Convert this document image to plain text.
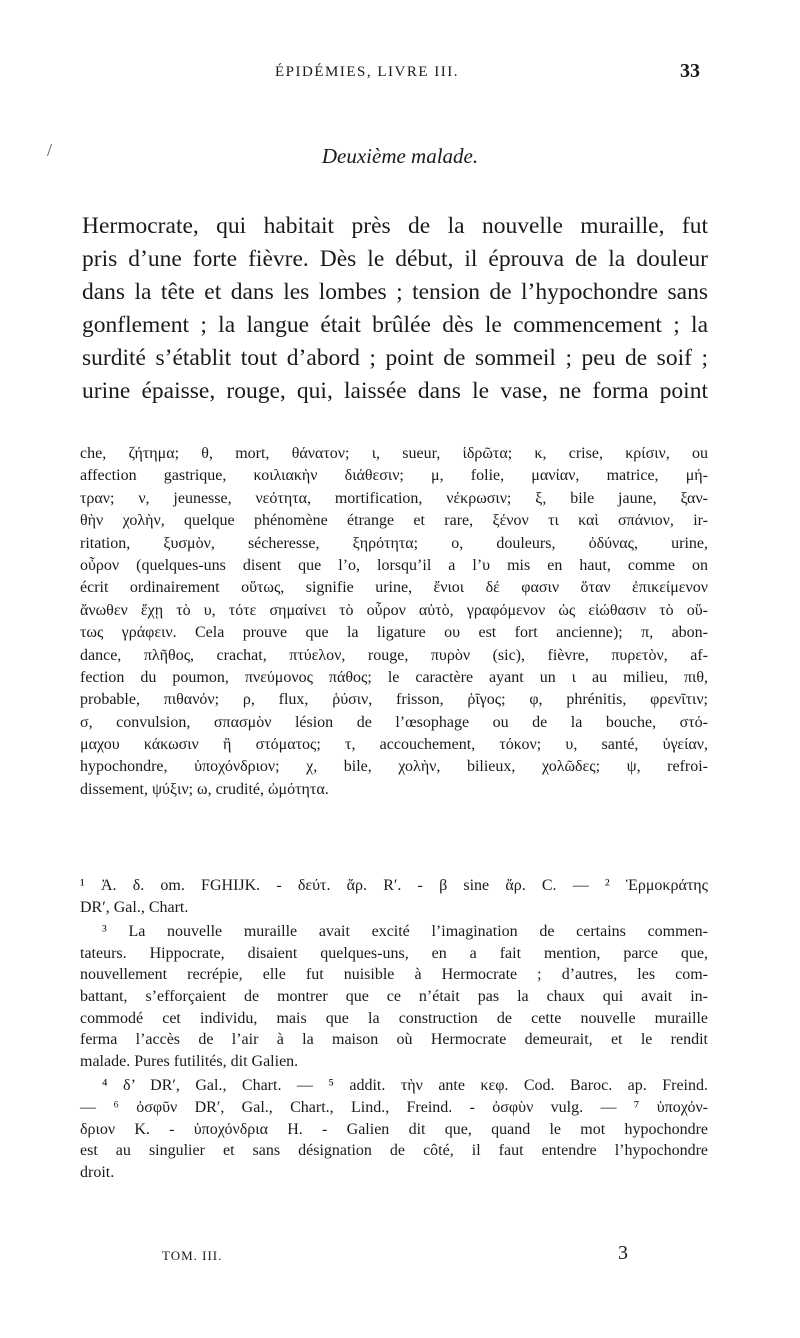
ÉPIDÉMIES, LIVRE III.	33
/	Deuxième malade.
Hermocrate, qui habitait près de la nouvelle muraille, fut
pris d’une forte fièvre. Dès le début, il éprouva de la douleur
dans la tête et dans les lombes ; tension de l’hypochondre sans
gonflement ; la langue était brûlée dès le commencement ; la
surdité s’établit tout d’abord ; point de sommeil ; peu de soif ;
urine épaisse, rouge, qui, laissée dans le vase, ne forma point
che, ζήτημα; θ, mort, θάνατον; ι, sueur, ἱδρῶτα; κ, crise, κρίσιν, ou
affection gastrique, κοιλιακὴν διάθεσιν; μ, folie, μανίαν, matrice, μή-
τραν; ν, jeunesse, νεότητα, mortification, νέκρωσιν; ξ, bile jaune, ξαν-
θὴν χολὴν, quelque phénomène étrange et rare, ξένον τι καὶ σπάνιον, ir-
ritation, ξυσμὸν, sécheresse, ξηρότητα; ο, douleurs, ὀδύνας, urine,
οὖρον (quelques-uns disent que l’ο, lorsqu’il a l’υ mis en haut, comme on
écrit ordinairement οὕτως, signifie urine, ἔνιοι δέ φασιν ὅταν ἐπικείμενον
ἄνωθεν ἔχῃ τὸ υ, τότε σημαίνει τὸ οὖρον αὐτὸ, γραφόμενον ὡς εἰώθασιν τὸ οὕ-
τως γράφειν. Cela prouve que la ligature ου est fort ancienne); π, abon-
dance, πλῆθος, crachat, πτύελον, rouge, πυρὸν (sic), fièvre, πυρετὸν, af-
fection du poumon, πνεύμονος πάθος; le caractère ayant un ι au milieu, πιθ,
probable, πιθανόν; ρ, flux, ῥύσιν, frisson, ῥῖγος; φ, phrénitis, φρενῖτιν;
σ, convulsion, σπασμὸν lésion de l’œsophage ou de la bouche, στό-
μαχου κάκωσιν ἢ στόματος; τ, accouchement, τόκον; υ, santé, ὑγείαν,
hypochondre, ὑποχόνδριον; χ, bile, χολὴν, bilieux, χολῶδες; ψ, refroi-
dissement, ψύξιν; ω, crudité, ὠμότητα.
¹ Ἀ. δ. om. FGHIJK. - δεύτ. ἄρ. R′. - β sine ἄρ. C. — ² Ἑρμοκράτης
DR′, Gal., Chart.
³ La nouvelle muraille avait excité l’imagination de certains commen-
tateurs. Hippocrate, disaient quelques-uns, en a fait mention, parce que,
nouvellement recrépie, elle fut nuisible à Hermocrate ; d’autres, les com-
battant, s’efforçaient de montrer que ce n’était pas la chaux qui avait in-
commodé cet individu, mais que la construction de cette nouvelle muraille
ferma l’accès de l’air à la maison où Hermocrate demeurait, et le rendit
malade. Pures futilités, dit Galien.
⁴ δ’ DR′, Gal., Chart. — ⁵ addit. τὴν ante κεφ. Cod. Baroc. ap. Freind.
— ⁶ ὀσφῦν DR′, Gal., Chart., Lind., Freind. - ὀσφὺν vulg. — ⁷ ὑποχόν-
δριον K. - ὑποχόνδρια H. - Galien dit que, quand le mot hypochondre
est au singulier et sans désignation de côté, il faut entendre l’hypochondre
droit.
TOM. III.	3
